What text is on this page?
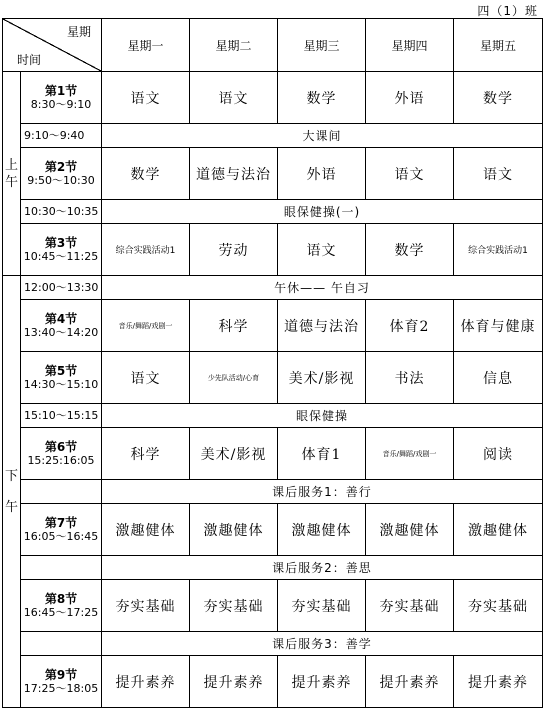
四（1）班
星期
时间		星期一	星期二	星期三	星期四	星期五

上
午	第1节
8:30～9:10	语文	语文	数学	外语	数学
	9:10～9:40	大课间				

	第2节
9:50～10:30	数学	道德与法治	外语	语文	语文
	10:30～10:35	眼保健操(一)				

	第3节
10:45～11:25	综合实践活动1	劳动	语文	数学	综合实践活动1

下
午	12:00～13:30	午休—— 午自习				

	第4节
13:40～14:20	音乐/舞蹈/戏剧一	科学	道德与法治	体育2	体育与健康

	第5节
14:30～15:10	语文	少先队活动/心育	美术/影视	书法	信息
	15:10～15:15	眼保健操				

	第6节
15:25:16:05	科学	美术/影视	体育1	音乐/舞蹈/戏剧一	阅读
		课后服务1：善行				

	第7节
16:05～16:45	激趣健体	激趣健体	激趣健体	激趣健体	激趣健体
		课后服务2：善思				

	第8节
16:45～17:25	夯实基础	夯实基础	夯实基础	夯实基础	夯实基础
		课后服务3：善学				

	第9节
17:25～18:05	提升素养	提升素养	提升素养	提升素养	提升素养
